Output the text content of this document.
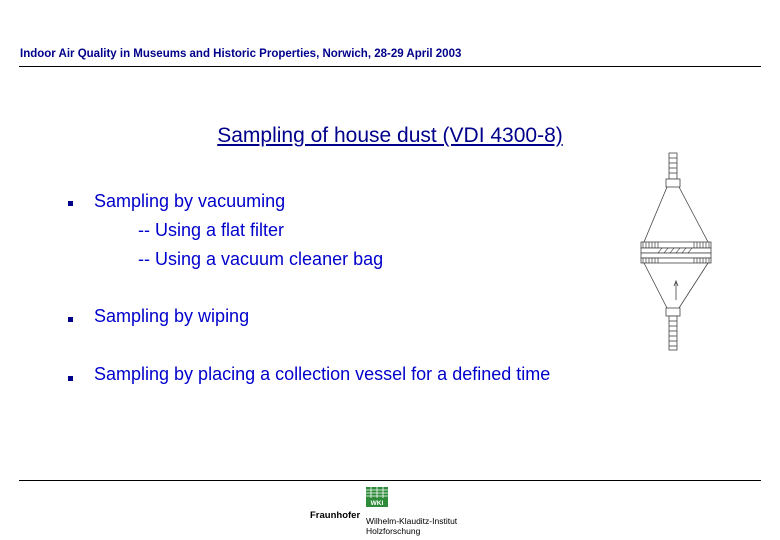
Indoor Air Quality in Museums and Historic Properties, Norwich, 28-29 April 2003
Sampling of house dust (VDI 4300-8)
Sampling by vacuuming
-- Using a flat filter
-- Using a vacuum cleaner bag
Sampling by wiping
Sampling by placing a collection vessel for a defined time
WKI
Fraunhofer Wilhelm-Klauditz-Institut
Holzforschung
